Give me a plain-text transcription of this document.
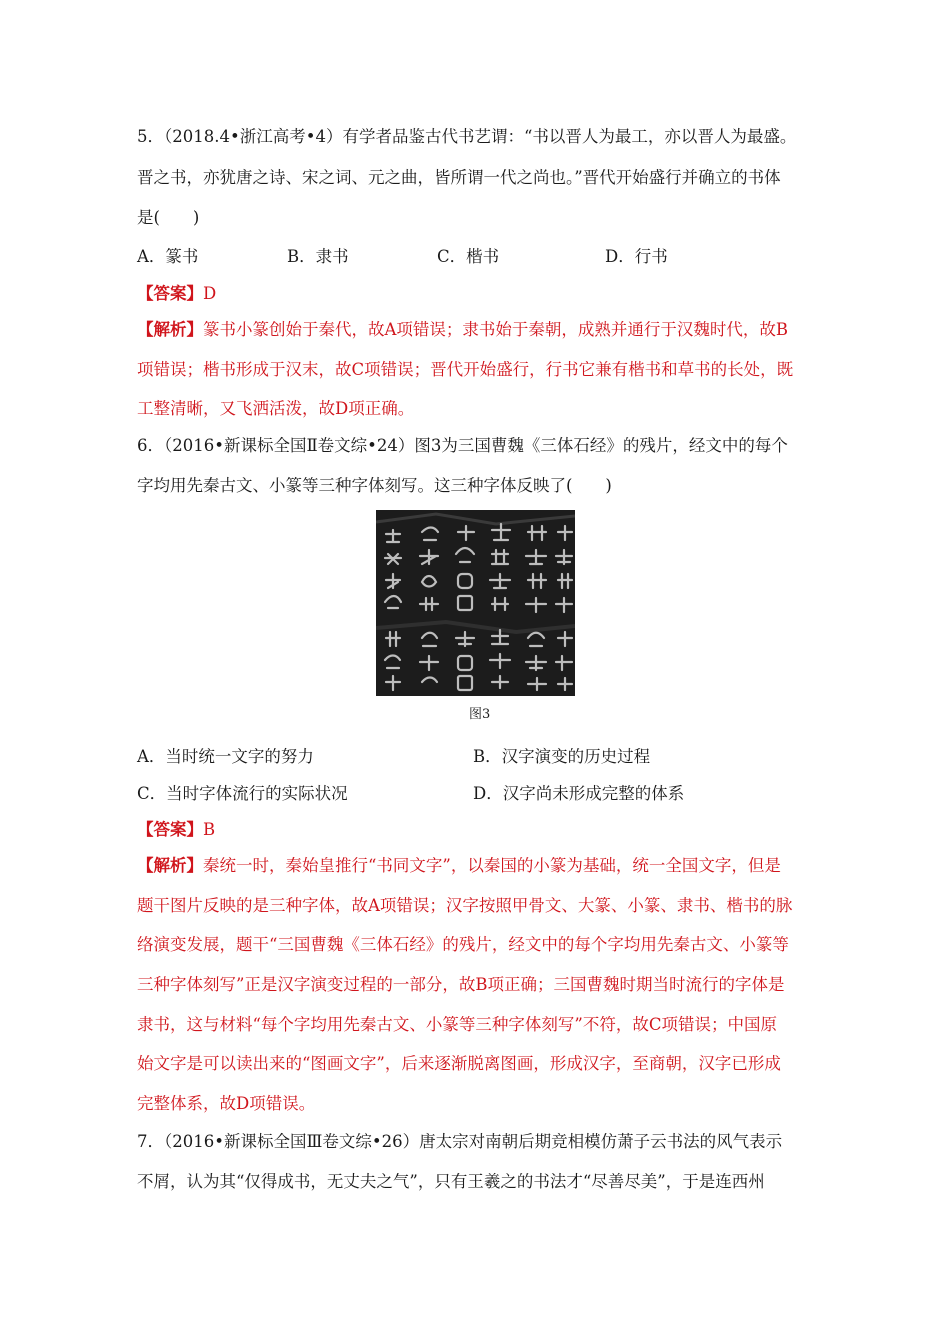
5．（2018.4•浙江高考•4）有学者品鉴古代书艺谓：“书以晋人为最工，亦以晋人为最盛。
晋之书，亦犹唐之诗、宋之词、元之曲，皆所谓一代之尚也。”晋代开始盛行并确立的书体
是(　　)
A．篆书	B．隶书	C．楷书	D．行书
【答案】D
【解析】篆书小篆创始于秦代，故A项错误；隶书始于秦朝，成熟并通行于汉魏时代，故B
项错误；楷书形成于汉末，故C项错误；晋代开始盛行，行书它兼有楷书和草书的长处，既
工整清晰，又飞洒活泼，故D项正确。
6．（2016•新课标全国Ⅱ卷文综•24）图3为三国曹魏《三体石经》的残片，经文中的每个
字均用先秦古文、小篆等三种字体刻写。这三种字体反映了(　　)
图3
A．当时统一文字的努力	B．汉字演变的历史过程
C．当时字体流行的实际状况	D．汉字尚未形成完整的体系
【答案】B
【解析】秦统一时，秦始皇推行“书同文字”，以秦国的小篆为基础，统一全国文字，但是
题干图片反映的是三种字体，故A项错误；汉字按照甲骨文、大篆、小篆、隶书、楷书的脉
络演变发展，题干“三国曹魏《三体石经》的残片，经文中的每个字均用先秦古文、小篆等
三种字体刻写”正是汉字演变过程的一部分，故B项正确；三国曹魏时期当时流行的字体是
隶书，这与材料“每个字均用先秦古文、小篆等三种字体刻写”不符，故C项错误；中国原
始文字是可以读出来的“图画文字”，后来逐渐脱离图画，形成汉字，至商朝，汉字已形成
完整体系，故D项错误。
7．（2016•新课标全国Ⅲ卷文综•26）唐太宗对南朝后期竞相模仿萧子云书法的风气表示
不屑，认为其“仅得成书，无丈夫之气”，只有王羲之的书法才“尽善尽美”，于是连西州
